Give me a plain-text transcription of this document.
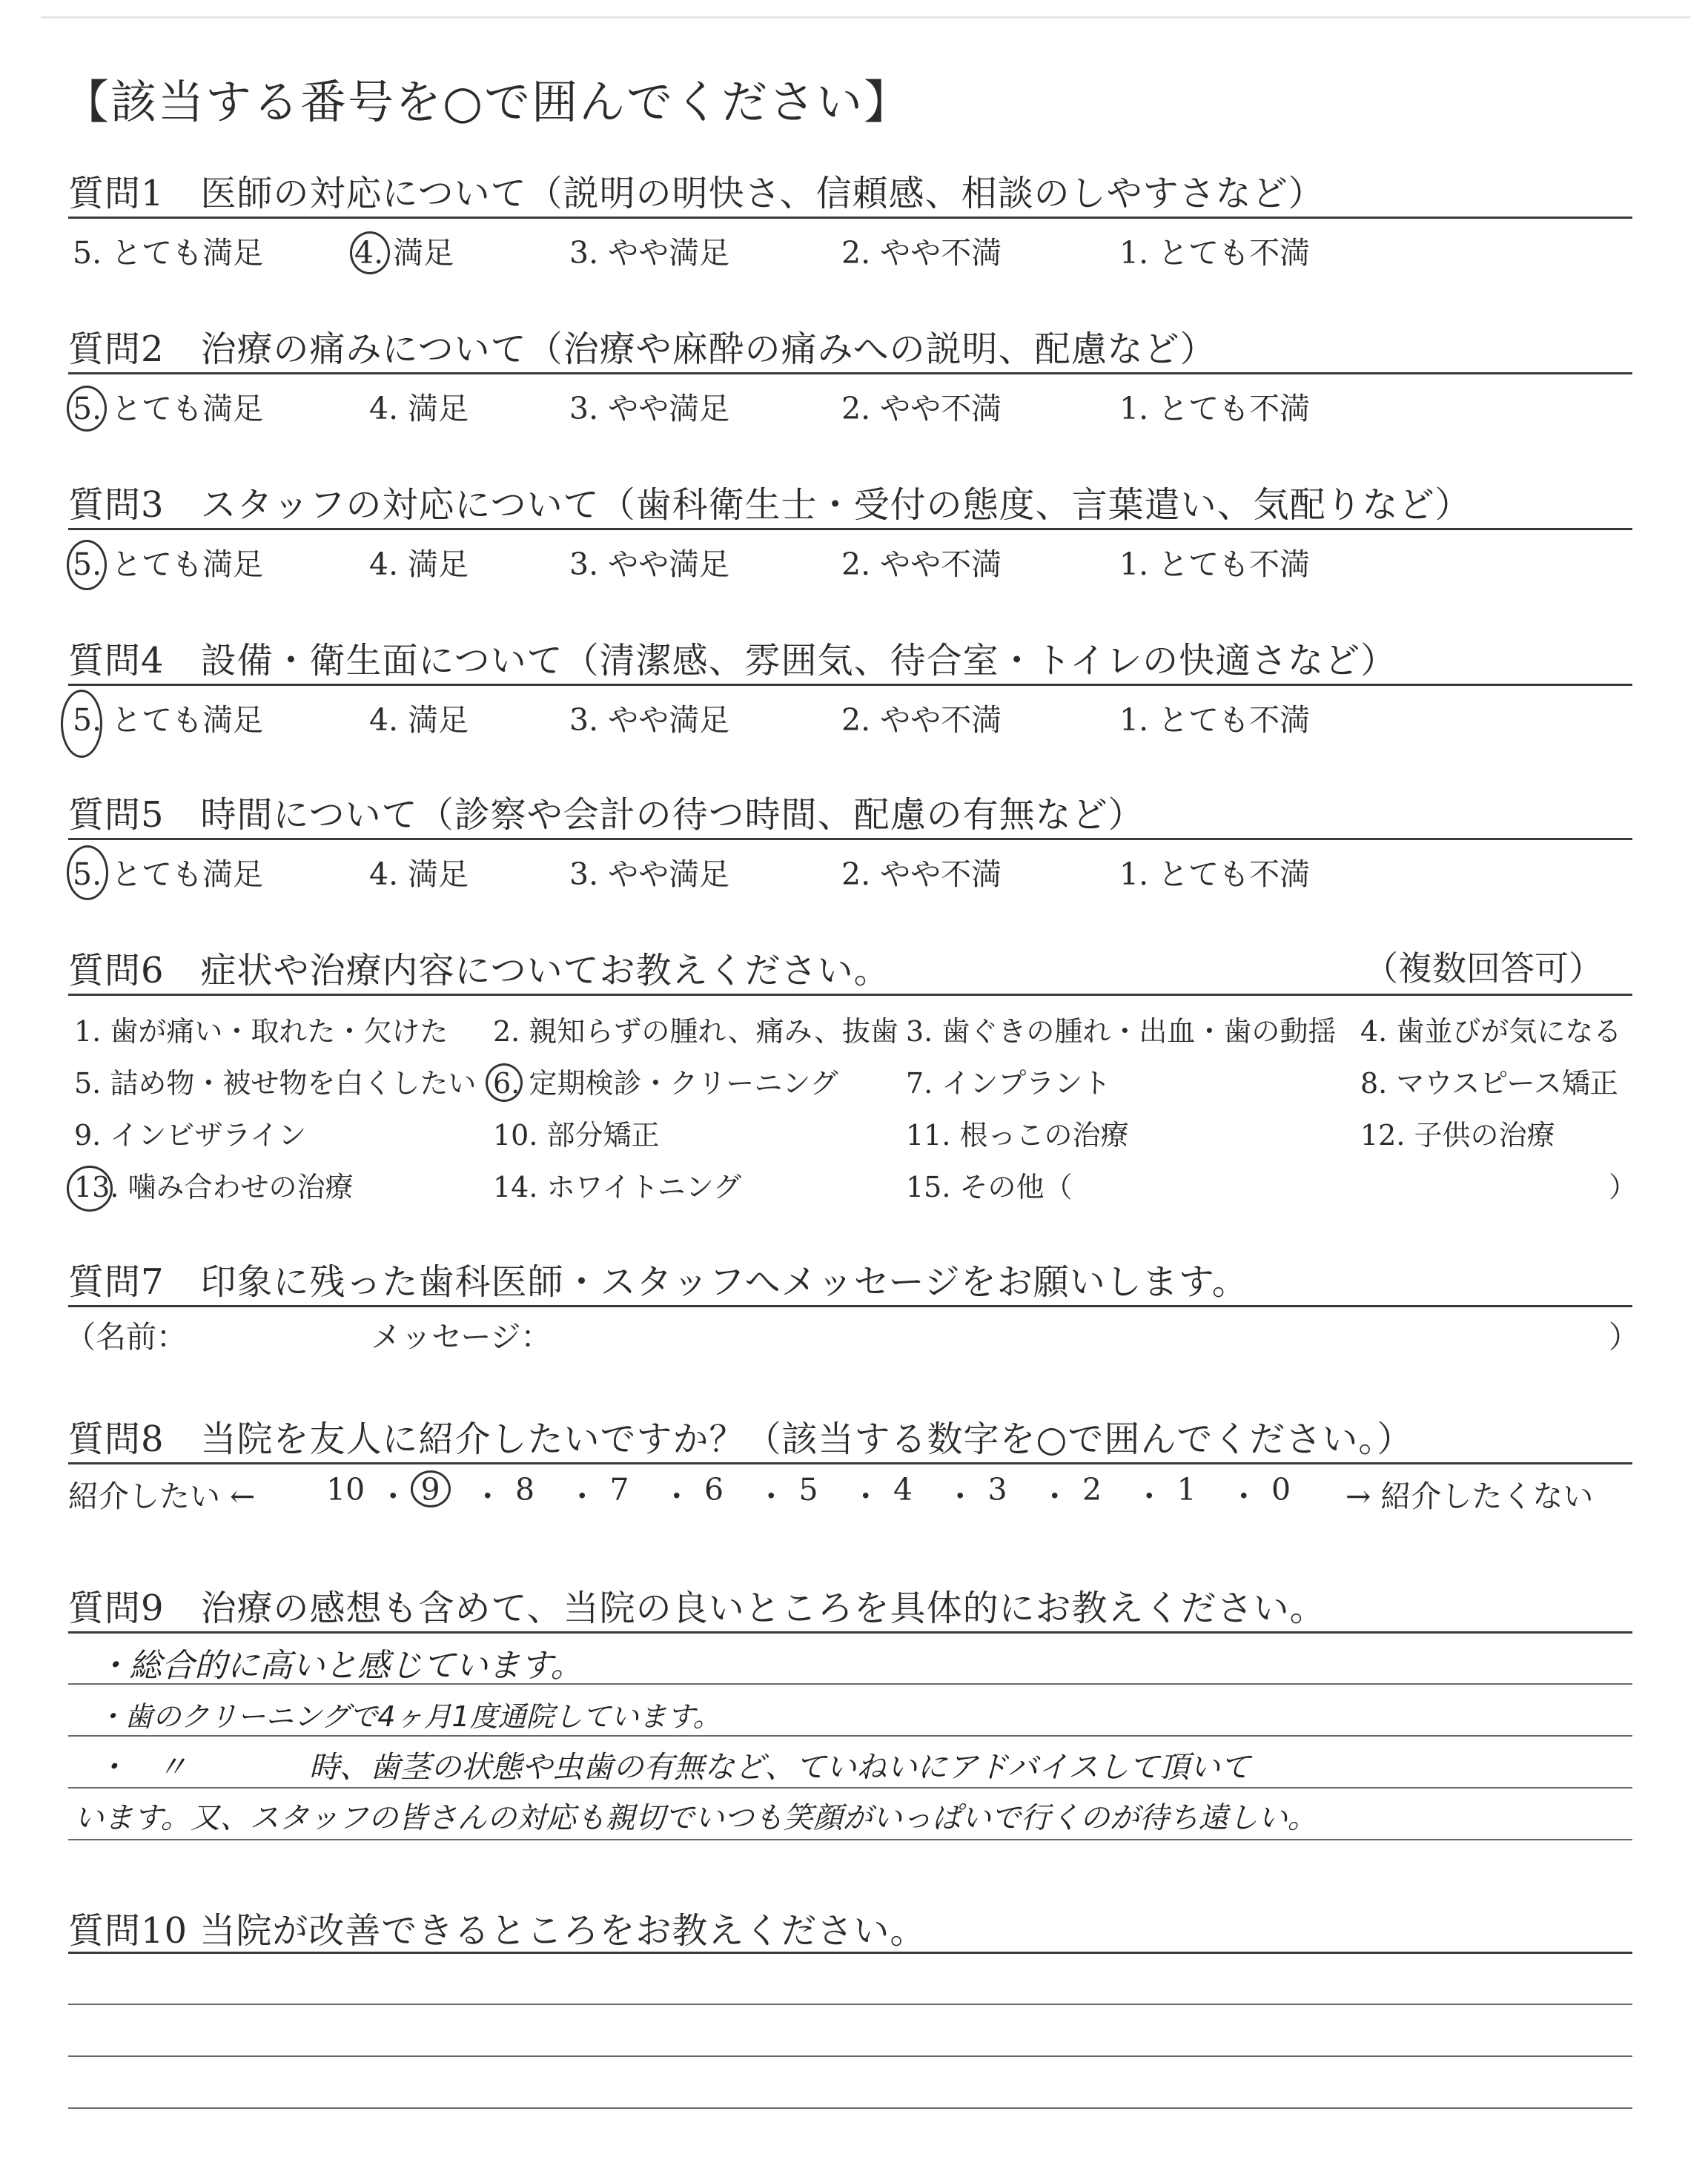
【該当する番号を○で囲んでください】
質問1　医師の対応について（説明の明快さ、信頼感、相談のしやすさなど）
5. とても満足	4. 満足	3. やや満足	2. やや不満	1. とても不満
質問2　治療の痛みについて（治療や麻酔の痛みへの説明、配慮など）
5. とても満足	4. 満足	3. やや満足	2. やや不満	1. とても不満
質問3　スタッフの対応について（歯科衛生士・受付の態度、言葉遣い、気配りなど）
5. とても満足	4. 満足	3. やや満足	2. やや不満	1. とても不満
質問4　設備・衛生面について（清潔感、雰囲気、待合室・トイレの快適さなど）
5. とても満足	4. 満足	3. やや満足	2. やや不満	1. とても不満
質問5　時間について（診察や会計の待つ時間、配慮の有無など）
5. とても満足	4. 満足	3. やや満足	2. やや不満	1. とても不満
質問6　症状や治療内容についてお教えください。	（複数回答可）
1. 歯が痛い・取れた・欠けた 2. 親知らずの腫れ、痛み、抜歯 3. 歯ぐきの腫れ・出血・歯の動揺 4. 歯並びが気になる
5. 詰め物・被せ物を白くしたい 6. 定期検診・クリーニング 7. インプラント	8. マウスピース矯正
9. インビザライン	10. 部分矯正	11. 根っこの治療	12. 子供の治療
13. 噛み合わせの治療	14. ホワイトニング	15. その他（	）
質問7　印象に残った歯科医師・スタッフへメッセージをお願いします。
（名前：	メッセージ：	）
質問8　当院を友人に紹介したいですか？（該当する数字を○で囲んでください。）
紹介したい ←	→ 紹介したくない
10 ・ 9 ・ 8 ・ 7 ・ 6 ・ 5 ・ 4 ・ 3 ・ 2 ・ 1 ・ 0
質問9　治療の感想も含めて、当院の良いところを具体的にお教えください。
・総合的に高いと感じています。
・歯のクリーニングで4ヶ月1度通院しています。
・　〃　　　　時、歯茎の状態や虫歯の有無など、ていねいにアドバイスして頂いて
います。又、スタッフの皆さんの対応も親切でいつも笑顔がいっぱいで行くのが待ち遠しい。
質問10 当院が改善できるところをお教えください。
